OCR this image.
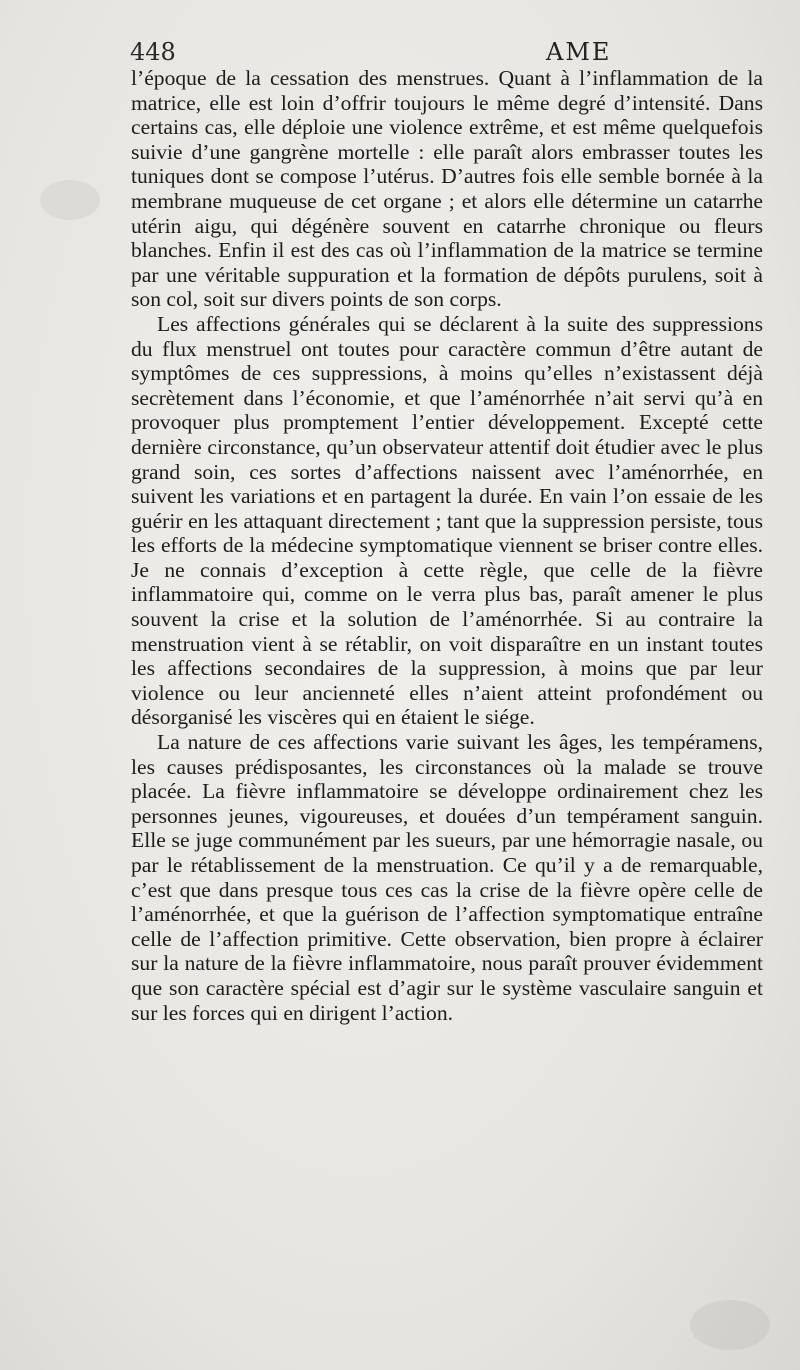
448	AME

l’époque de la cessation des menstrues. Quant à l’inflammation de la matrice, elle est loin d’offrir toujours le même degré d’intensité. Dans certains cas, elle déploie une violence extrême, et est même quelquefois suivie d’une gangrène mortelle : elle paraît alors embrasser toutes les tuniques dont se compose l’utérus. D’autres fois elle semble bornée à la membrane muqueuse de cet organe ; et alors elle détermine un catarrhe utérin aigu, qui dégénère souvent en catarrhe chronique ou fleurs blanches. Enfin il est des cas où l’inflammation de la matrice se termine par une véritable suppuration et la formation de dépôts purulens, soit à son col, soit sur divers points de son corps.

Les affections générales qui se déclarent à la suite des suppressions du flux menstruel ont toutes pour caractère commun d’être autant de symptômes de ces suppressions, à moins qu’elles n’existassent déjà secrètement dans l’économie, et que l’aménorrhée n’ait servi qu’à en provoquer plus promptement l’entier développement. Excepté cette dernière circonstance, qu’un observateur attentif doit étudier avec le plus grand soin, ces sortes d’affections naissent avec l’aménorrhée, en suivent les variations et en partagent la durée. En vain l’on essaie de les guérir en les attaquant directement ; tant que la suppression persiste, tous les efforts de la médecine symptomatique viennent se briser contre elles. Je ne connais d’exception à cette règle, que celle de la fièvre inflammatoire qui, comme on le verra plus bas, paraît amener le plus souvent la crise et la solution de l’aménorrhée. Si au contraire la menstruation vient à se rétablir, on voit disparaître en un instant toutes les affections secondaires de la suppression, à moins que par leur violence ou leur ancienneté elles n’aient atteint profondément ou désorganisé les viscères qui en étaient le siége.

La nature de ces affections varie suivant les âges, les tempéramens, les causes prédisposantes, les circonstances où la malade se trouve placée. La fièvre inflammatoire se développe ordinairement chez les personnes jeunes, vigoureuses, et douées d’un tempérament sanguin. Elle se juge communément par les sueurs, par une hémorragie nasale, ou par le rétablissement de la menstruation. Ce qu’il y a de remarquable, c’est que dans presque tous ces cas la crise de la fièvre opère celle de l’aménorrhée, et que la guérison de l’affection symptomatique entraîne celle de l’affection primitive. Cette observation, bien propre à éclairer sur la nature de la fièvre inflammatoire, nous paraît prouver évidemment que son caractère spécial est d’agir sur le système vasculaire sanguin et sur les forces qui en dirigent l’action.
